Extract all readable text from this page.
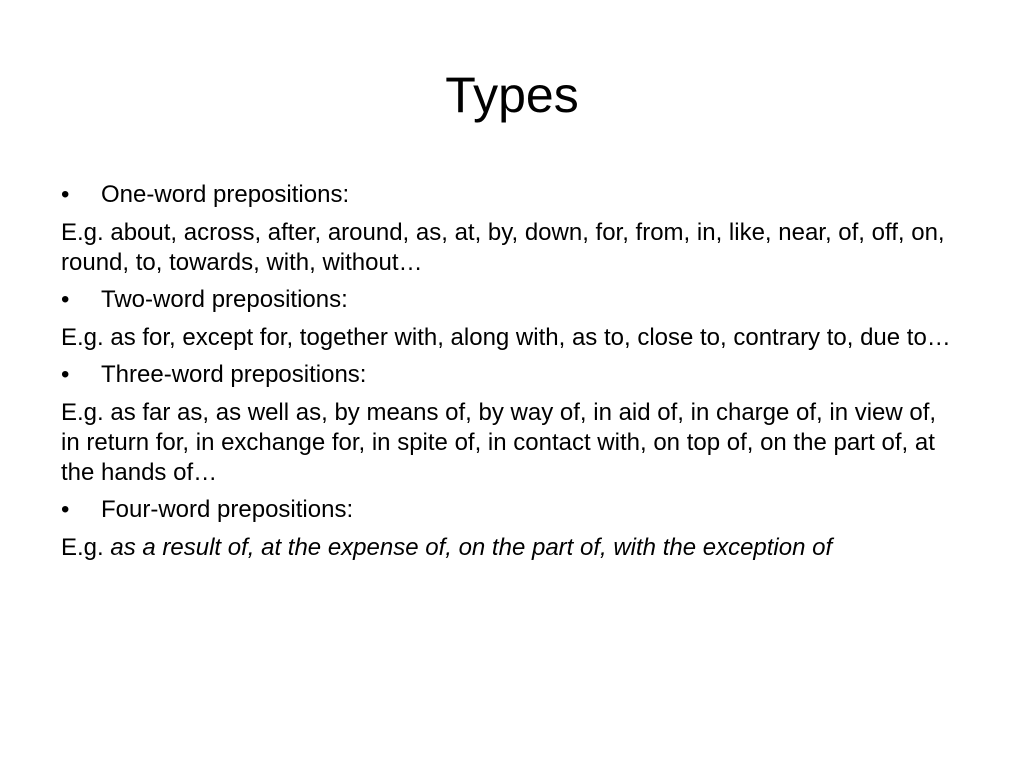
Types
• One-word prepositions:
E.g. about, across, after, around, as, at, by, down, for, from, in, like, near, of, off, on, round, to, towards, with, without…
• Two-word prepositions:
E.g. as for, except for, together with, along with, as to, close to, contrary to, due to…
• Three-word prepositions:
E.g. as far as, as well as, by means of, by way of, in aid of, in charge of, in view of, in return for, in exchange for, in spite of, in contact with, on top of, on the part of, at the hands of…
• Four-word prepositions:
E.g. as a result of, at the expense of, on the part of, with the exception of
